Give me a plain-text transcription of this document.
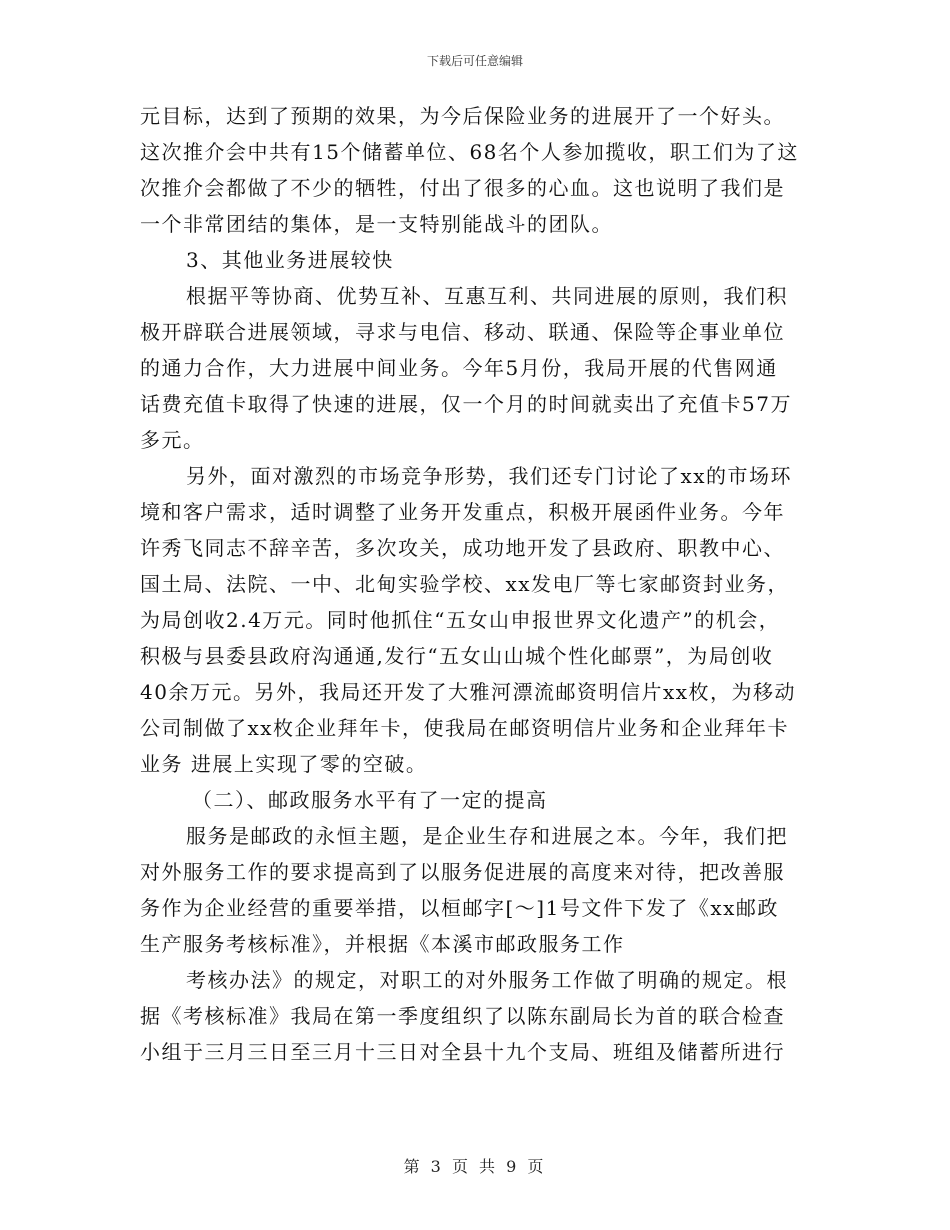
下载后可任意编辑
元目标，达到了预期的效果，为今后保险业务的进展开了一个好头。
这次推介会中共有15个储蓄单位、68名个人参加揽收，职工们为了这
次推介会都做了不少的牺牲，付出了很多的心血。这也说明了我们是
一个非常团结的集体，是一支特别能战斗的团队。
3、其他业务进展较快
根据平等协商、优势互补、互惠互利、共同进展的原则，我们积
极开辟联合进展领域，寻求与电信、移动、联通、保险等企事业单位
的通力合作，大力进展中间业务。今年5月份，我局开展的代售网通
话费充值卡取得了快速的进展，仅一个月的时间就卖出了充值卡57万
多元。
另外，面对激烈的市场竞争形势，我们还专门讨论了xx的市场环
境和客户需求，适时调整了业务开发重点，积极开展函件业务。今年
许秀飞同志不辞辛苦，多次攻关，成功地开发了县政府、职教中心、
国土局、法院、一中、北甸实验学校、xx发电厂等七家邮资封业务，
为局创收2.4万元。同时他抓住“五女山申报世界文化遗产”的机会，
积极与县委县政府沟通通,发行“五女山山城个性化邮票”，为局创收
40余万元。另外，我局还开发了大雅河漂流邮资明信片xx枚，为移动
公司制做了xx枚企业拜年卡，使我局在邮资明信片业务和企业拜年卡
业务 进展上实现了零的空破。
（二）、邮政服务水平有了一定的提高
服务是邮政的永恒主题，是企业生存和进展之本。今年，我们把
对外服务工作的要求提高到了以服务促进展的高度来对待，把改善服
务作为企业经营的重要举措，以桓邮字[～]1号文件下发了《xx邮政
生产服务考核标准》，并根据《本溪市邮政服务工作
考核办法》的规定，对职工的对外服务工作做了明确的规定。根
据《考核标准》我局在第一季度组织了以陈东副局长为首的联合检查
小组于三月三日至三月十三日对全县十九个支局、班组及储蓄所进行
第 3 页 共 9 页
